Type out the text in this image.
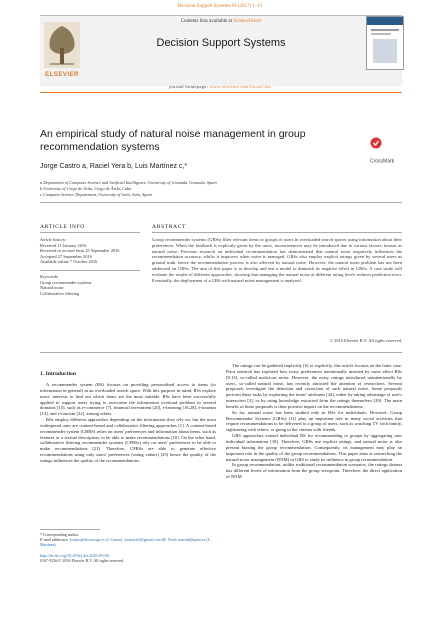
Decision Support Systems 94 (2017) 1–11
Contents lists available at ScienceDirect
Decision Support Systems
ELSEVIER
journal homepage: www.elsevier.com/locate/dss
An empirical study of natural noise management in group
recommendation systems
CrossMark
Jorge Castro a, Raciel Yera b, Luis Martínez c,*
a Department of Computer Science and Artificial Intelligence, University of Granada, Granada, Spain
b University of Ciego de Ávila, Ciego de Ávila, Cuba
c Computer Science Department, University of Jaén, Jaén, Spain
ARTICLE INFO
Article history:
Received 11 January 2016
Received in revised form 25 September 2016
Accepted 27 September 2016
Available online 7 October 2016
Keywords:
Group recommender systems
Natural noise
Collaborative filtering
ABSTRACT
Group recommender systems (GRSs) filter relevant items to groups of users in overloaded search spaces using information about their preferences. When the feedback is explicitly given by the users, inconsistencies may be introduced due to various factors, known as natural noise. Previous research on individual recommendation has demonstrated that natural noise negatively influences the recommendation accuracy, whilst it improves when noise is managed. GRSs also employ explicit ratings given by several users as ground truth, hence the recommendation process is also affected by natural noise. However, the natural noise problem has not been addressed on GRSs. The aim of this paper is to develop and test a model to diminish its negative effect in GRSs. A case study will evaluate the results of different approaches, showing that managing the natural noise at different rating levels reduces prediction error. Eventually, the deployment of a GRS with natural noise management is analysed.
© 2016 Elsevier B.V. All rights reserved.
1. Introduction

A recommender system (RS) focuses on providing personalised access to items (or information in general) in an overloaded search space. With this purpose in mind, RSs explore users' interests to find out which items are the most suitable. RSs have been successfully applied to support users trying to overcome the information overload problem in several domains [15], such as e-commerce [7], financial investment [20], e-learning [16,28], e-tourism [14], and e-tourism [22], among others.

RSs employ different approaches depending on the information they rely on, but the most widespread ones are content-based and collaborative filtering approaches [1]. A content-based recommender system (CBRS) relies on users' preferences and information about items, such as features or a textual description, to be able to make recommendations [10]. On the other hand, collaborative filtering recommender systems (CFRSs) rely on users' preferences to be able to make recommendations [21]. Therefore, CFRSs are able to generate effective recommendations using only users' preferences (rating values) [25] hence the quality of the ratings influences the quality of the recommendations.

The ratings can be gathered implicitly [6] or explicitly, this article focuses on the latter case. Prior research has explored how noisy preferences intentionally inserted by users affect RSs [8,13], so-called malicious noise. However, the noisy ratings introduced unintentionally by users, so-called natural noise, has recently attracted the attention of researchers. Several proposals investigate the detection and correction of such natural noise. Some proposals perform these tasks by exploiting the items' attributes [24], either by taking advantage of user's interaction [3], or by using knowledge extracted from the ratings themselves [29]. The main benefit of these proposals is their positive impact on the recommendations.

So far, natural noise has been studied only in RSs for individuals. However, Group Recommender Systems (GRSs) [11] play an important role in many social activities that require recommendations to be delivered to a group of users, such as watching TV with family, sightseeing with others, or going to the cinema with friends.

GRS approaches extend individual RS for recommending to groups by aggregating user individual information [18]. Therefore, GRSs use explicit ratings, and natural noise is also present biasing the group recommendation. Consequently, its management may play an important role in the quality of the group recommendations. This paper aims at researching the natural noise management (NNM) in GRS to study its influence in group recommendation.

In group recommendation, unlike traditional recommendation scenarios, the ratings dataset has different levels of information from the group viewpoint. Therefore, the direct application of NNM

* Corresponding author.
E-mail addresses: jcastro@decsai.ugr.es (J. Castro), yeraraciel@gmail.com (R. Yera), martin@ujaen.es (L. Martínez).
http://dx.doi.org/10.1016/j.dss.2016.09.020
0167-9236/© 2016 Elsevier B.V. All rights reserved.
